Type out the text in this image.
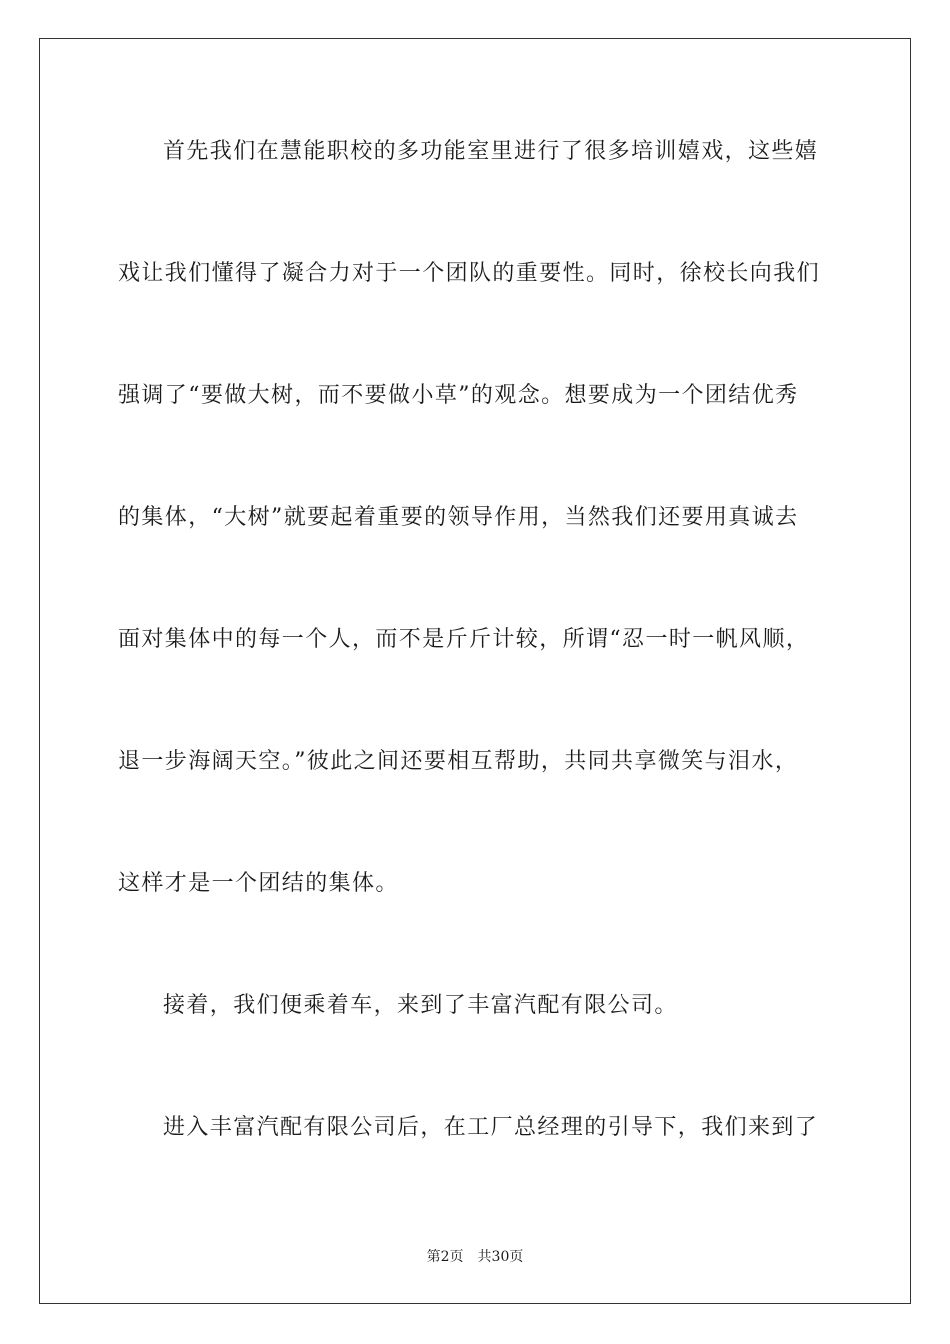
首先我们在慧能职校的多功能室里进行了很多培训嬉戏，这些嬉
戏让我们懂得了凝合力对于一个团队的重要性。同时，徐校长向我们
强调了“要做大树，而不要做小草”的观念。想要成为一个团结优秀
的集体，“大树”就要起着重要的领导作用，当然我们还要用真诚去
面对集体中的每一个人，而不是斤斤计较，所谓“忍一时一帆风顺，
退一步海阔天空。”彼此之间还要相互帮助，共同共享微笑与泪水，
这样才是一个团结的集体。
接着，我们便乘着车，来到了丰富汽配有限公司。
进入丰富汽配有限公司后，在工厂总经理的引导下，我们来到了
第2页 共30页
